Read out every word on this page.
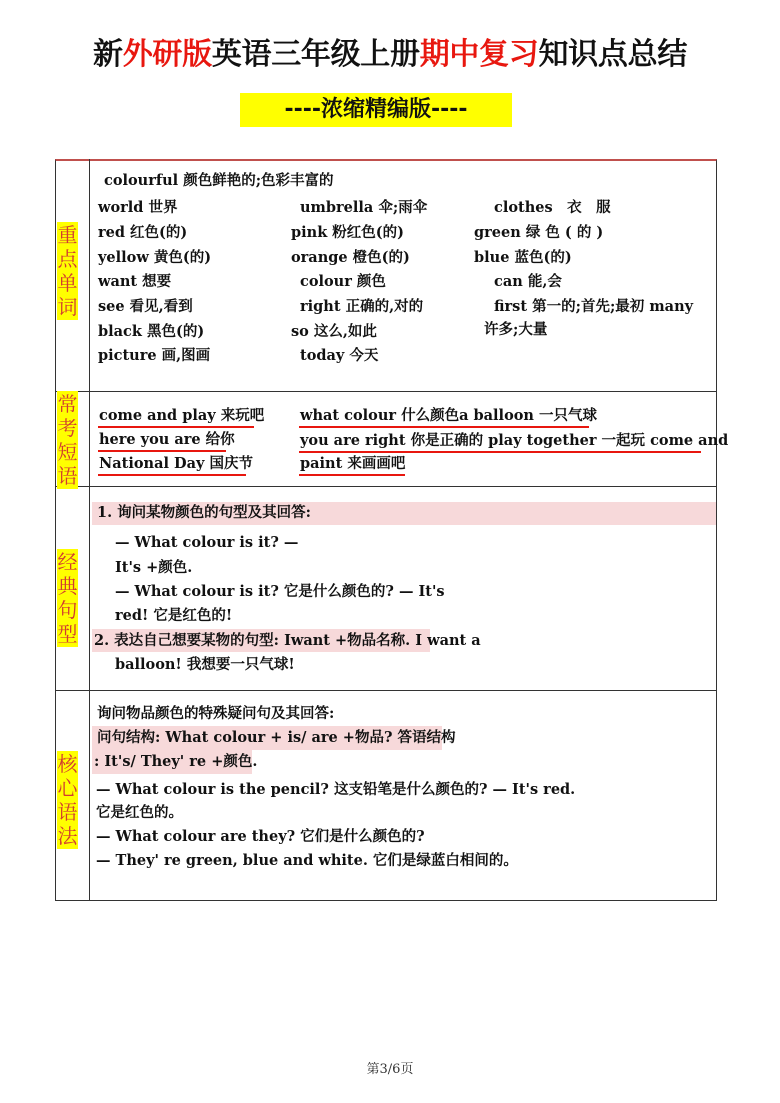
新外研版英语三年级上册期中复习知识点总结
----浓缩精编版----
重点单词
常考短语
经典句型
核心语法
colourful 颜色鲜艳的;色彩丰富的
world 世界
red 红色(的)
yellow 黄色(的)
want 想要
see 看见,看到
black 黑色(的)
picture 画,图画
umbrella 伞;雨伞
pink 粉红色(的)
orange 橙色(的)
colour 颜色
right 正确的,对的
so 这么,如此
today 今天
clothes　衣　服
green 绿 色 ( 的 )
blue 蓝色(的)
can 能,会
first 第一的;首先;最初 many
许多;大量
come and play 来玩吧
here you are 给你
National Day 国庆节
what colour 什么颜色a balloon 一只气球
you are right 你是正确的 play together 一起玩 come and
paint 来画画吧
1. 询问某物颜色的句型及其回答:
— What colour is it? —
It's +颜色.
— What colour is it? 它是什么颜色的? — It's
red! 它是红色的!
2. 表达自己想要某物的句型: Iwant +物品名称. I want a
balloon! 我想要一只气球!
询问物品颜色的特殊疑问句及其回答:
问句结构: What colour + is/ are +物品? 答语结构
: It's/ They' re +颜色.
— What colour is the pencil? 这支铅笔是什么颜色的? — It's red.
它是红色的。
— What colour are they? 它们是什么颜色的?
— They' re green, blue and white. 它们是绿蓝白相间的。
第3/6页
